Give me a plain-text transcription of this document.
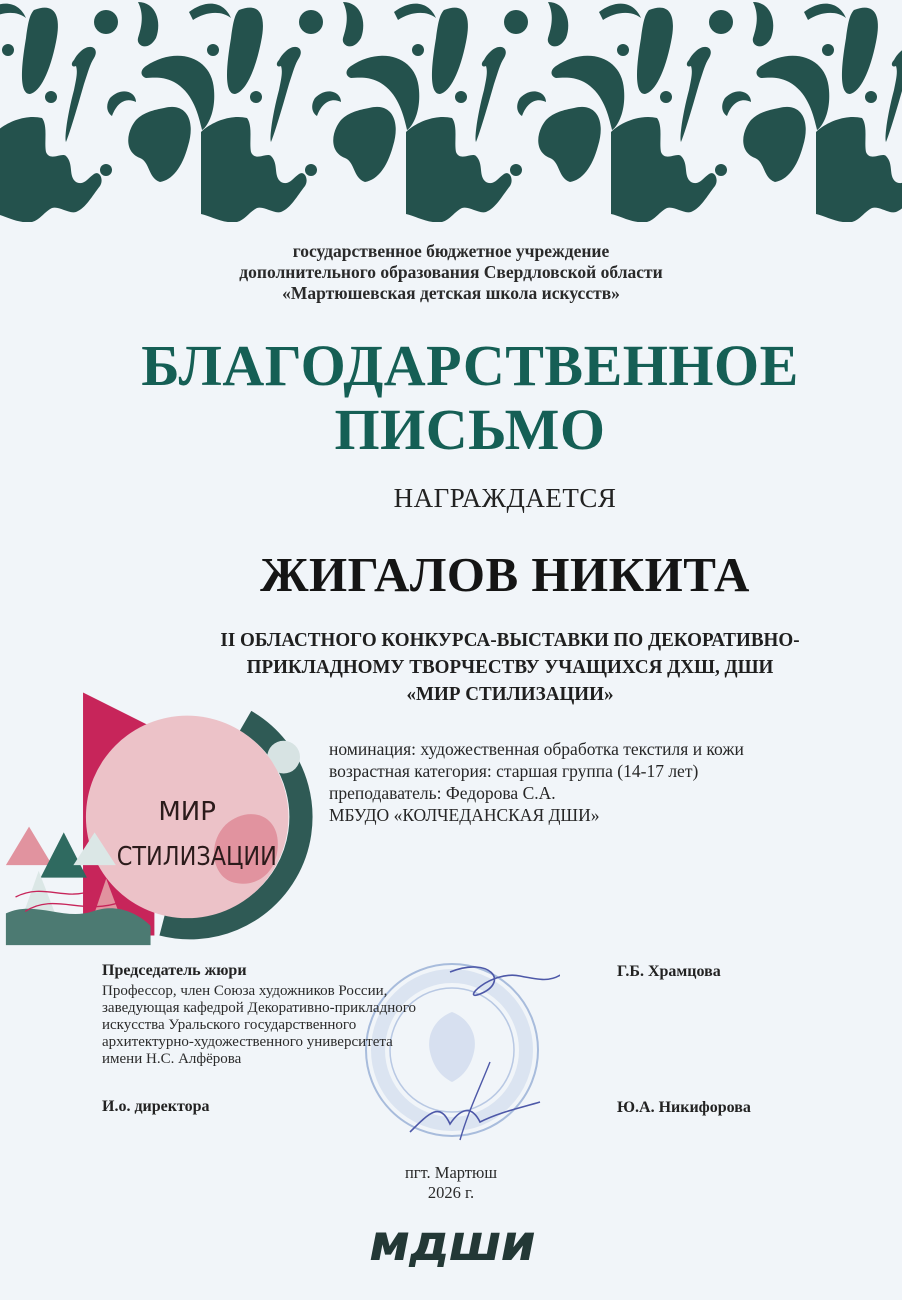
государственное бюджетное учреждение
дополнительного образования Свердловской области
«Мартюшевская детская школа искусств»
БЛАГОДАРСТВЕННОЕ
ПИСЬМО
НАГРАЖДАЕТСЯ
ЖИГАЛОВ НИКИТА
II ОБЛАСТНОГО КОНКУРСА-ВЫСТАВКИ ПО ДЕКОРАТИВНО-
ПРИКЛАДНОМУ ТВОРЧЕСТВУ УЧАЩИХСЯ ДХШ, ДШИ
«МИР СТИЛИЗАЦИИ»
МИР
СТИЛИЗАЦИИ
номинация: художественная обработка текстиля и кожи
возрастная категория: старшая группа (14-17 лет)
преподаватель: Федорова С.А.
МБУДО «КОЛЧЕДАНСКАЯ ДШИ»
Председатель жюри
Профессор, член Союза художников России,
заведующая кафедрой Декоративно-прикладного
искусства Уральского государственного
архитектурно-художественного университета
имени Н.С. Алфёрова
Г.Б. Храмцова
И.о. директора	Ю.А. Никифорова
пгт. Мартюш
2026 г.
мдши
